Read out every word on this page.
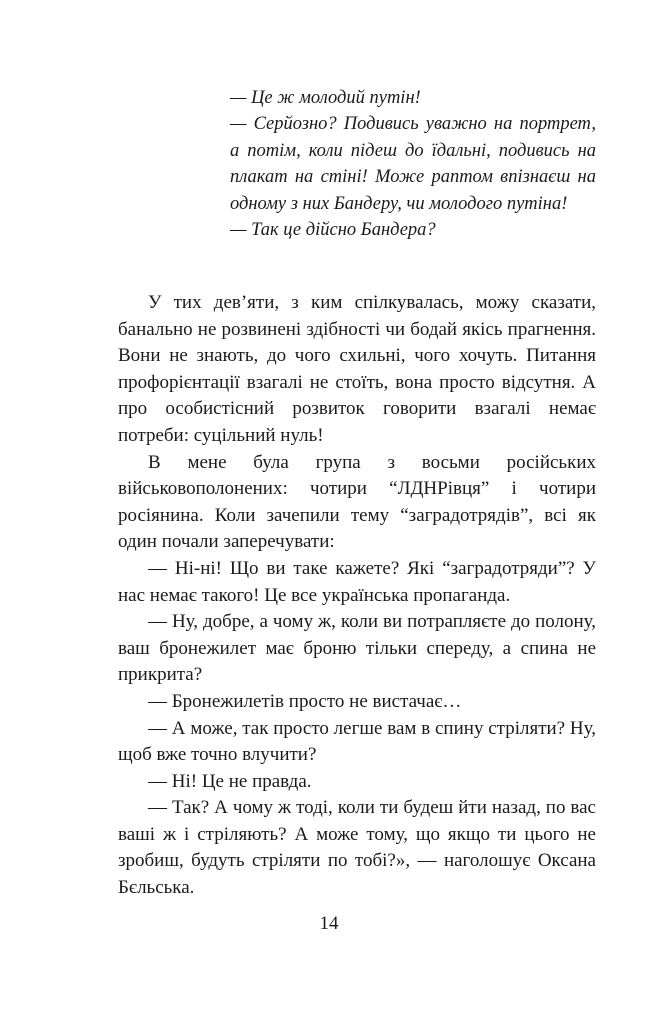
— Це ж молодий путін!

— Серйозно? Подивись уважно на портрет, а потім, коли підеш до їдальні, подивись на плакат на стіні! Може раптом впізнаєш на одному з них Бандеру, чи молодого путіна!

— Так це дійсно Бандера?

У тих дев’яти, з ким спілкувалась, можу сказати, банально не розвинені здібності чи бодай якісь прагнення. Вони не знають, до чого схильні, чого хочуть. Питання профорієнтації взагалі не стоїть, вона просто відсутня. А про особистісний розвиток говорити взагалі немає потреби: суцільний нуль!

В мене була група з восьми російських військовополонених: чотири “ЛДНРівця” і чотири росіянина. Коли зачепили тему “заградотрядів”, всі як один почали заперечувати:

— Ні-ні! Що ви таке кажете? Які “заградотряди”? У нас немає такого! Це все українська пропаганда.

— Ну, добре, а чому ж, коли ви потрапляєте до полону, ваш бронежилет має броню тільки спереду, а спина не прикрита?

— Бронежилетів просто не вистачає…

— А може, так просто легше вам в спину стріляти? Ну, щоб вже точно влучити?

— Ні! Це не правда.

— Так? А чому ж тоді, коли ти будеш йти назад, по вас ваші ж і стріляють? А може тому, що якщо ти цього не зробиш, будуть стріляти по тобі?», — наголошує Оксана Бєльська.

14
